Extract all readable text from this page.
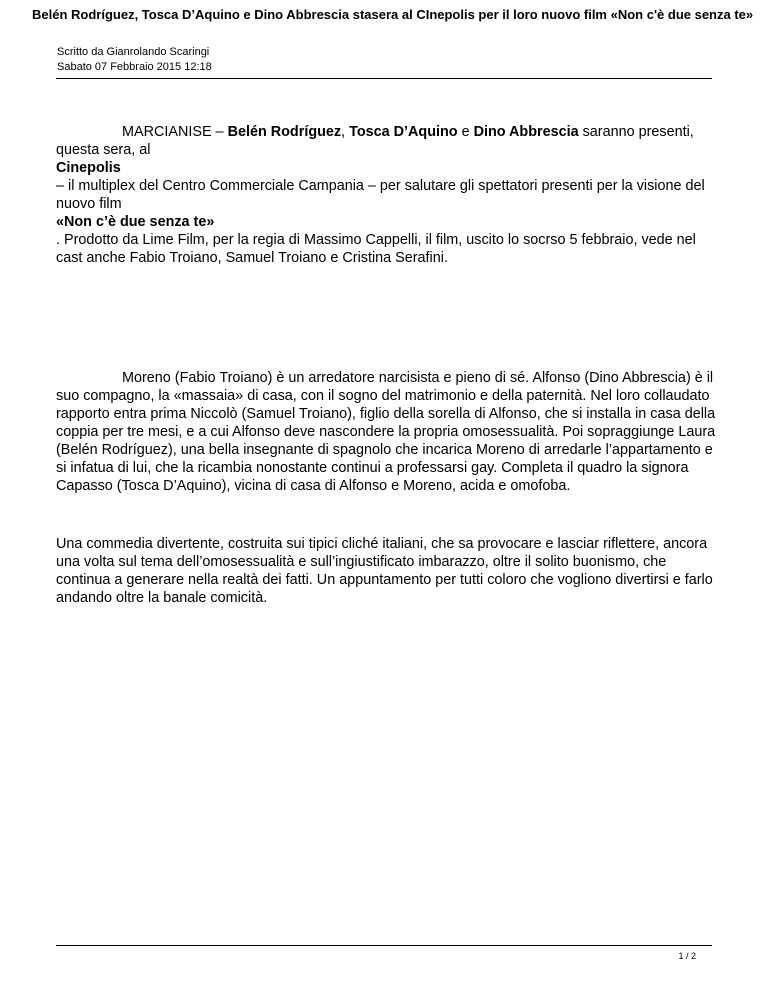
Belén Rodríguez, Tosca D’Aquino e Dino Abbrescia stasera al CInepolis per il loro nuovo film «Non c'è due senza te»
Scritto da Gianrolando Scaringi
Sabato 07 Febbraio 2015 12:18

MARCIANISE – Belén Rodríguez, Tosca D’Aquino e Dino Abbrescia saranno presenti, questa sera, al
Cinepolis
– il multiplex del Centro Commerciale Campania – per salutare gli spettatori presenti per la visione del nuovo film
«Non c’è due senza te»
. Prodotto da Lime Film, per la regia di Massimo Cappelli, il film, uscito lo socrso 5 febbraio, vede nel cast anche Fabio Troiano, Samuel Troiano e Cristina Serafini.

Moreno (Fabio Troiano) è un arredatore narcisista e pieno di sé. Alfonso (Dino Abbrescia) è il suo compagno, la «massaia» di casa, con il sogno del matrimonio e della paternità. Nel loro collaudato rapporto entra prima Niccolò (Samuel Troiano), figlio della sorella di Alfonso, che si installa in casa della coppia per tre mesi, e a cui Alfonso deve nascondere la propria omosessualità. Poi sopraggiunge Laura (Belén Rodríguez), una bella insegnante di spagnolo che incarica Moreno di arredarle l’appartamento e si infatua di lui, che la ricambia nonostante continui a professarsi gay. Completa il quadro la signora Capasso (Tosca D’Aquino), vicina di casa di Alfonso e Moreno, acida e omofoba.

Una commedia divertente, costruita sui tipici cliché italiani, che sa provocare e lasciar riflettere, ancora una volta sul tema dell’omosessualità e sull’ingiustificato imbarazzo, oltre il solito buonismo, che continua a generare nella realtà dei fatti. Un appuntamento per tutti coloro che vogliono divertirsi e farlo andando oltre la banale comicità.

1 / 2
